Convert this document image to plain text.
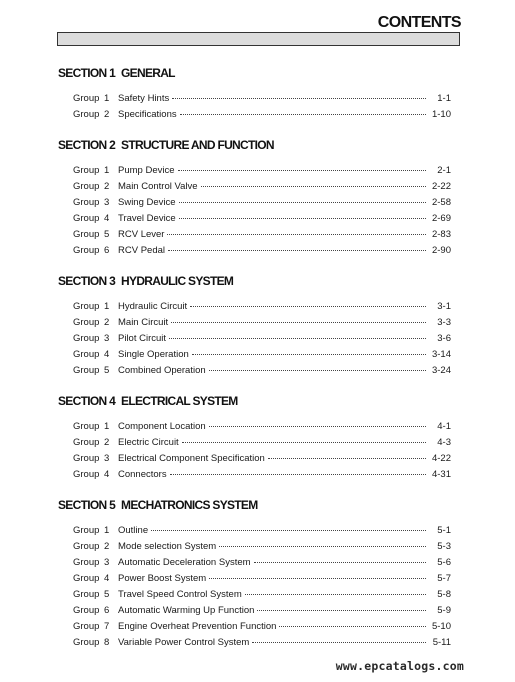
CONTENTS
SECTION 1 GENERAL
Group 1 Safety Hints	1-1
Group 2 Specifications	1-10
SECTION 2 STRUCTURE AND FUNCTION
Group 1 Pump Device	2-1
Group 2 Main Control Valve	2-22
Group 3 Swing Device	2-58
Group 4 Travel Device	2-69
Group 5 RCV Lever	2-83
Group 6 RCV Pedal	2-90
SECTION 3 HYDRAULIC SYSTEM
Group 1 Hydraulic Circuit	3-1
Group 2 Main Circuit	3-3
Group 3 Pilot Circuit	3-6
Group 4 Single Operation	3-14
Group 5 Combined Operation	3-24
SECTION 4 ELECTRICAL SYSTEM
Group 1 Component Location	4-1
Group 2 Electric Circuit	4-3
Group 3 Electrical Component Specification	4-22
Group 4 Connectors	4-31
SECTION 5 MECHATRONICS SYSTEM
Group 1 Outline	5-1
Group 2 Mode selection System	5-3
Group 3 Automatic Deceleration System	5-6
Group 4 Power Boost System	5-7
Group 5 Travel Speed Control System	5-8
Group 6 Automatic Warming Up Function	5-9
Group 7 Engine Overheat Prevention Function	5-10
Group 8 Variable Power Control System	5-11
www.epcatalogs.com
